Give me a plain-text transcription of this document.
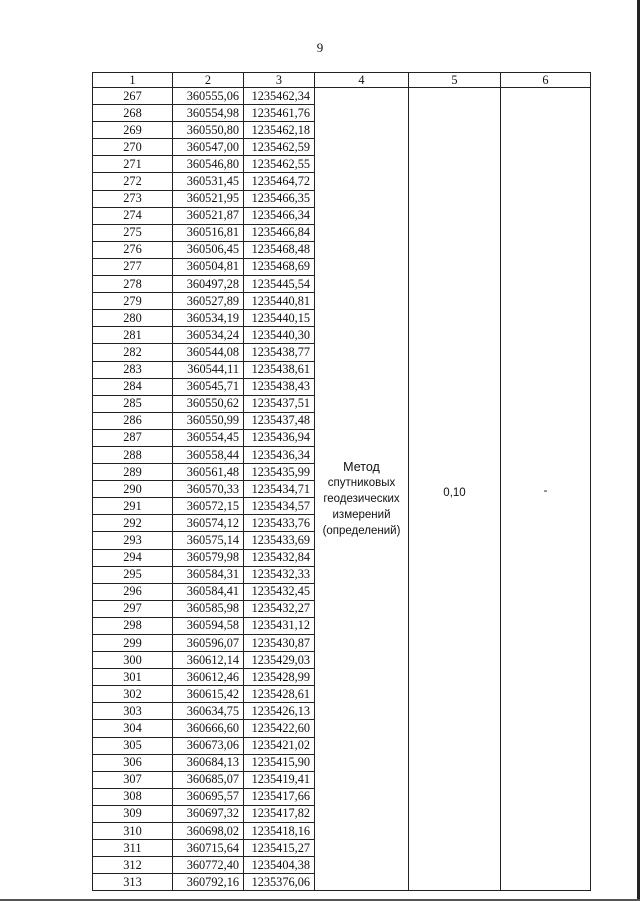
9
1	2	3	4	5	6
267	360555,06	1235462,34	Метод
спутниковых
геодезических
измерений
(определений)	0,10	-
268	360554,98	1235461,76			
269	360550,80	1235462,18			
270	360547,00	1235462,59			
271	360546,80	1235462,55			
272	360531,45	1235464,72			
273	360521,95	1235466,35			
274	360521,87	1235466,34			
275	360516,81	1235466,84			
276	360506,45	1235468,48			
277	360504,81	1235468,69			
278	360497,28	1235445,54			
279	360527,89	1235440,81			
280	360534,19	1235440,15			
281	360534,24	1235440,30			
282	360544,08	1235438,77			
283	360544,11	1235438,61			
284	360545,71	1235438,43			
285	360550,62	1235437,51			
286	360550,99	1235437,48			
287	360554,45	1235436,94			
288	360558,44	1235436,34			
289	360561,48	1235435,99			
290	360570,33	1235434,71			
291	360572,15	1235434,57			
292	360574,12	1235433,76			
293	360575,14	1235433,69			
294	360579,98	1235432,84			
295	360584,31	1235432,33			
296	360584,41	1235432,45			
297	360585,98	1235432,27			
298	360594,58	1235431,12			
299	360596,07	1235430,87			
300	360612,14	1235429,03			
301	360612,46	1235428,99			
302	360615,42	1235428,61			
303	360634,75	1235426,13			
304	360666,60	1235422,60			
305	360673,06	1235421,02			
306	360684,13	1235415,90			
307	360685,07	1235419,41			
308	360695,57	1235417,66			
309	360697,32	1235417,82			
310	360698,02	1235418,16			
311	360715,64	1235415,27			
312	360772,40	1235404,38			
313	360792,16	1235376,06			
